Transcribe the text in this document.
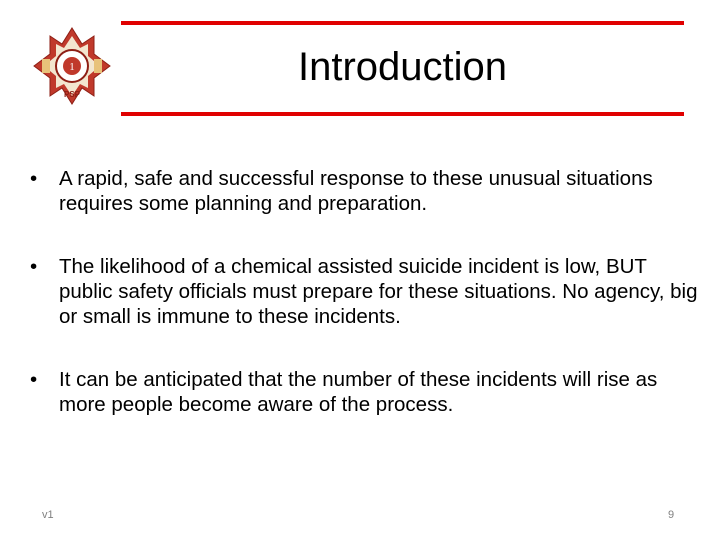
1
PSP
Introduction
• A rapid, safe and successful response to these unusual situations requires some planning and preparation.
• The likelihood of a chemical assisted suicide incident is low, BUT public safety officials must prepare for these situations. No agency, big or small is immune to these incidents.
• It can be anticipated that the number of these incidents will rise as more people become aware of the process.
v1	9
